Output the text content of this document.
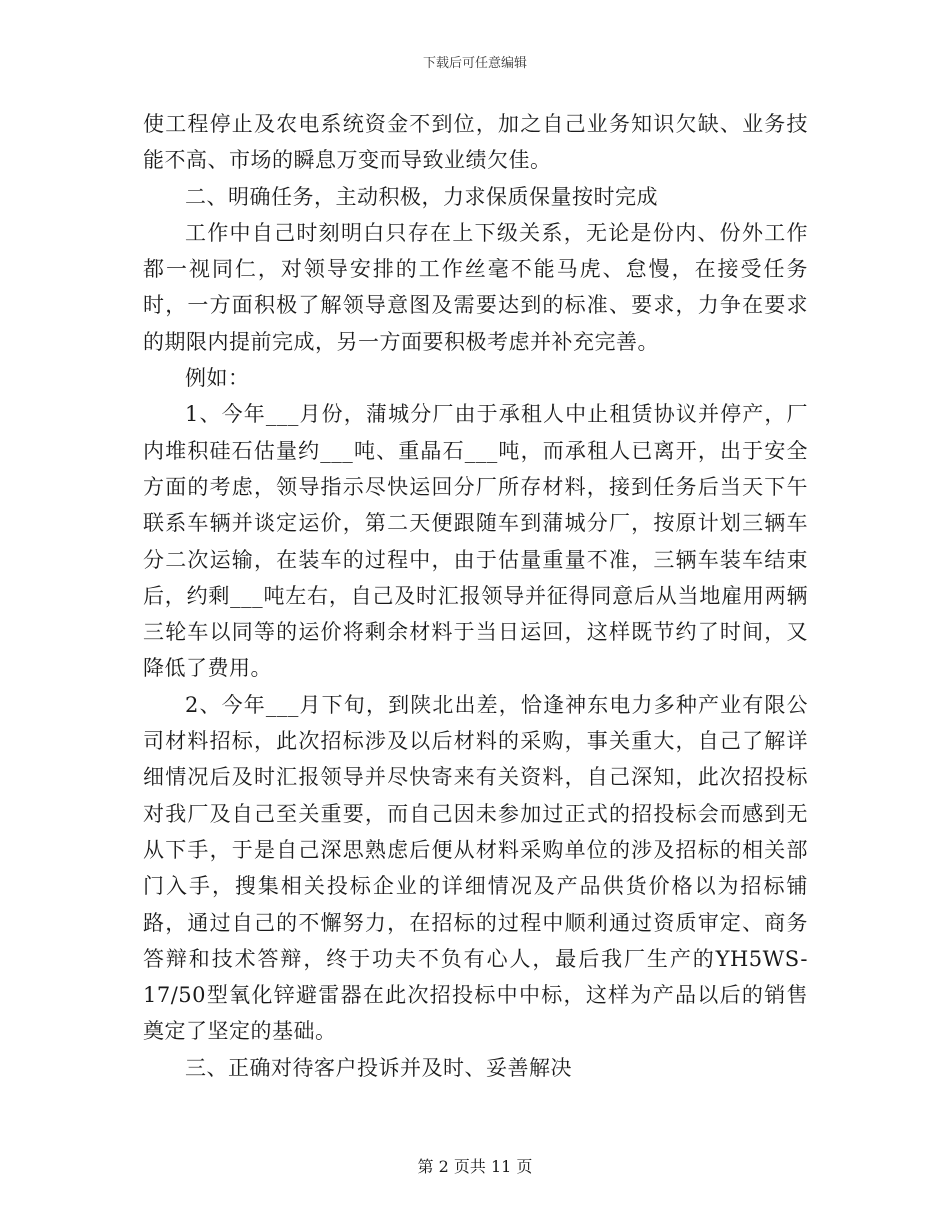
下载后可任意编辑

使工程停止及农电系统资金不到位，加之自己业务知识欠缺、业务技能不高、市场的瞬息万变而导致业绩欠佳。

二、明确任务，主动积极，力求保质保量按时完成

工作中自己时刻明白只存在上下级关系，无论是份内、份外工作都一视同仁，对领导安排的工作丝毫不能马虎、怠慢，在接受任务时，一方面积极了解领导意图及需要达到的标准、要求，力争在要求的期限内提前完成，另一方面要积极考虑并补充完善。

例如：

1、今年___月份，蒲城分厂由于承租人中止租赁协议并停产，厂内堆积硅石估量约___吨、重晶石___吨，而承租人已离开，出于安全方面的考虑，领导指示尽快运回分厂所存材料，接到任务后当天下午联系车辆并谈定运价，第二天便跟随车到蒲城分厂，按原计划三辆车分二次运输，在装车的过程中，由于估量重量不准，三辆车装车结束后，约剩___吨左右，自己及时汇报领导并征得同意后从当地雇用两辆三轮车以同等的运价将剩余材料于当日运回，这样既节约了时间，又降低了费用。

2、今年___月下旬，到陕北出差，恰逢神东电力多种产业有限公司材料招标，此次招标涉及以后材料的采购，事关重大，自己了解详细情况后及时汇报领导并尽快寄来有关资料，自己深知，此次招投标对我厂及自己至关重要，而自己因未参加过正式的招投标会而感到无从下手，于是自己深思熟虑后便从材料采购单位的涉及招标的相关部门入手，搜集相关投标企业的详细情况及产品供货价格以为招标铺路，通过自己的不懈努力，在招标的过程中顺利通过资质审定、商务答辩和技术答辩，终于功夫不负有心人，最后我厂生产的YH5WS-17/50型氧化锌避雷器在此次招投标中中标，这样为产品以后的销售奠定了坚定的基础。

三、正确对待客户投诉并及时、妥善解决

第 2 页共 11 页
